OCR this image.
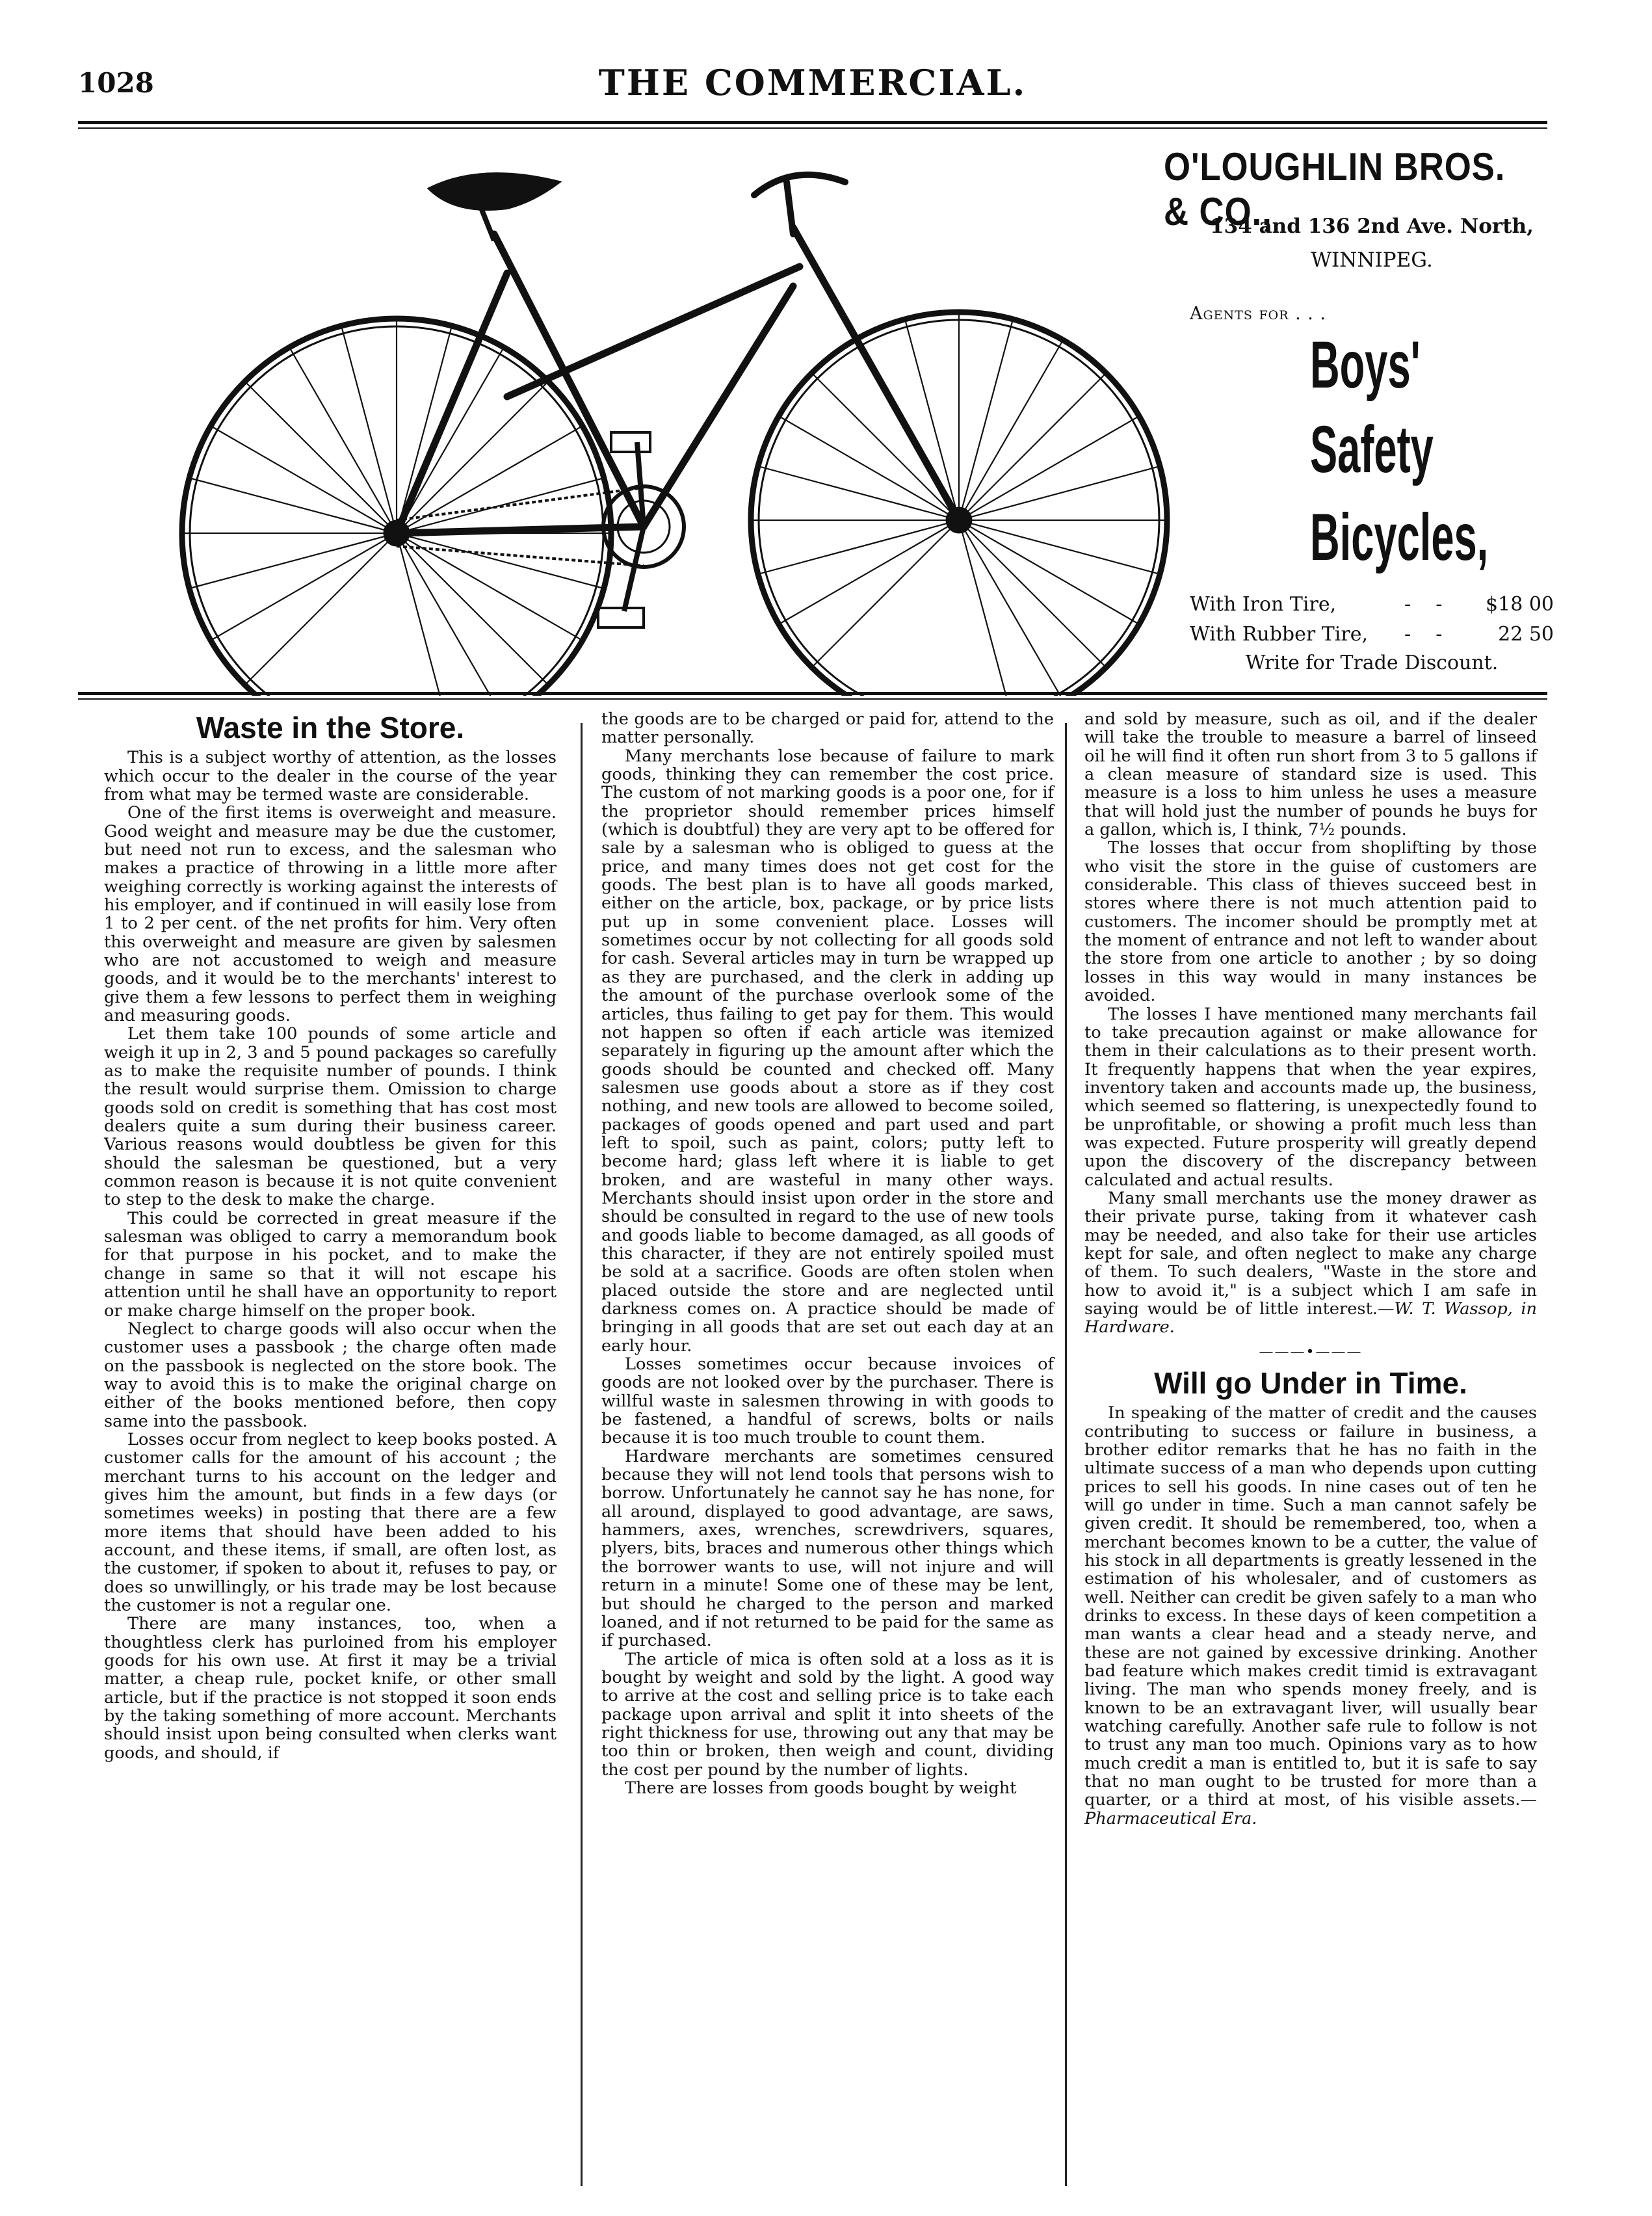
1028	THE COMMERCIAL.
O'LOUGHLIN BROS. & CO.,
134 and 136 2nd Ave. North,
WINNIPEG.
Agents for . . .
Boys'
Safety
Bicycles,
With Iron Tire,	-    - $18 00
With Rubber Tire, -    -	22 50
Write for Trade Discount.
Waste in the Store.

This is a subject worthy of attention, as the losses which occur to the dealer in the course of the year from what may be termed waste are considerable.

One of the first items is overweight and measure. Good weight and measure may be due the customer, but need not run to excess, and the salesman who makes a practice of throwing in a little more after weighing correctly is working against the interests of his employer, and if continued in will easily lose from 1 to 2 per cent. of the net profits for him. Very often this overweight and measure are given by salesmen who are not accustomed to weigh and measure goods, and it would be to the merchants' interest to give them a few lessons to perfect them in weighing and measuring goods.

Let them take 100 pounds of some article and weigh it up in 2, 3 and 5 pound packages so carefully as to make the requisite number of pounds. I think the result would surprise them. Omission to charge goods sold on credit is something that has cost most dealers quite a sum during their business career. Various reasons would doubtless be given for this should the salesman be questioned, but a very common reason is because it is not quite convenient to step to the desk to make the charge.

This could be corrected in great measure if the salesman was obliged to carry a memorandum book for that purpose in his pocket, and to make the change in same so that it will not escape his attention until he shall have an opportunity to report or make charge himself on the proper book.

Neglect to charge goods will also occur when the customer uses a passbook ; the charge often made on the passbook is neglected on the store book. The way to avoid this is to make the original charge on either of the books mentioned before, then copy same into the passbook.

Losses occur from neglect to keep books posted. A customer calls for the amount of his account ; the merchant turns to his account on the ledger and gives him the amount, but finds in a few days (or sometimes weeks) in posting that there are a few more items that should have been added to his account, and these items, if small, are often lost, as the customer, if spoken to about it, refuses to pay, or does so unwillingly, or his trade may be lost because the customer is not a regular one.

There are many instances, too, when a thoughtless clerk has purloined from his employer goods for his own use. At first it may be a trivial matter, a cheap rule, pocket knife, or other small article, but if the practice is not stopped it soon ends by the taking something of more account. Merchants should insist upon being consulted when clerks want goods, and should, if

the goods are to be charged or paid for, attend to the matter personally.

Many merchants lose because of failure to mark goods, thinking they can remember the cost price. The custom of not marking goods is a poor one, for if the proprietor should remember prices himself (which is doubtful) they are very apt to be offered for sale by a salesman who is obliged to guess at the price, and many times does not get cost for the goods. The best plan is to have all goods marked, either on the article, box, package, or by price lists put up in some convenient place. Losses will sometimes occur by not collecting for all goods sold for cash. Several articles may in turn be wrapped up as they are purchased, and the clerk in adding up the amount of the purchase overlook some of the articles, thus failing to get pay for them. This would not happen so often if each article was itemized separately in figuring up the amount after which the goods should be counted and checked off. Many salesmen use goods about a store as if they cost nothing, and new tools are allowed to become soiled, packages of goods opened and part used and part left to spoil, such as paint, colors; putty left to become hard; glass left where it is liable to get broken, and are wasteful in many other ways. Merchants should insist upon order in the store and should be consulted in regard to the use of new tools and goods liable to become damaged, as all goods of this character, if they are not entirely spoiled must be sold at a sacrifice. Goods are often stolen when placed outside the store and are neglected until darkness comes on. A practice should be made of bringing in all goods that are set out each day at an early hour.

Losses sometimes occur because invoices of goods are not looked over by the purchaser. There is willful waste in salesmen throwing in with goods to be fastened, a handful of screws, bolts or nails because it is too much trouble to count them.

Hardware merchants are sometimes censured because they will not lend tools that persons wish to borrow. Unfortunately he cannot say he has none, for all around, displayed to good advantage, are saws, hammers, axes, wrenches, screwdrivers, squares, plyers, bits, braces and numerous other things which the borrower wants to use, will not injure and will return in a minute! Some one of these may be lent, but should he charged to the person and marked loaned, and if not returned to be paid for the same as if purchased.

The article of mica is often sold at a loss as it is bought by weight and sold by the light. A good way to arrive at the cost and selling price is to take each package upon arrival and split it into sheets of the right thickness for use, throwing out any that may be too thin or broken, then weigh and count, dividing the cost per pound by the number of lights.

There are losses from goods bought by weight

and sold by measure, such as oil, and if the dealer will take the trouble to measure a barrel of linseed oil he will find it often run short from 3 to 5 gallons if a clean measure of standard size is used. This measure is a loss to him unless he uses a measure that will hold just the number of pounds he buys for a gallon, which is, I think, 7½ pounds.

The losses that occur from shoplifting by those who visit the store in the guise of customers are considerable. This class of thieves succeed best in stores where there is not much attention paid to customers. The incomer should be promptly met at the moment of entrance and not left to wander about the store from one article to another ; by so doing losses in this way would in many instances be avoided.

The losses I have mentioned many merchants fail to take precaution against or make allowance for them in their calculations as to their present worth. It frequently happens that when the year expires, inventory taken and accounts made up, the business, which seemed so flattering, is unexpectedly found to be unprofitable, or showing a profit much less than was expected. Future prosperity will greatly depend upon the discovery of the discrepancy between calculated and actual results.

Many small merchants use the money drawer as their private purse, taking from it whatever cash may be needed, and also take for their use articles kept for sale, and often neglect to make any charge of them. To such dealers, "Waste in the store and how to avoid it," is a subject which I am safe in saying would be of little interest.—W. T. Wassop, in Hardware.

———•———
Will go Under in Time.

In speaking of the matter of credit and the causes contributing to success or failure in business, a brother editor remarks that he has no faith in the ultimate success of a man who depends upon cutting prices to sell his goods. In nine cases out of ten he will go under in time. Such a man cannot safely be given credit. It should be remembered, too, when a merchant becomes known to be a cutter, the value of his stock in all departments is greatly lessened in the estimation of his wholesaler, and of customers as well. Neither can credit be given safely to a man who drinks to excess. In these days of keen competition a man wants a clear head and a steady nerve, and these are not gained by excessive drinking. Another bad feature which makes credit timid is extravagant living. The man who spends money freely, and is known to be an extravagant liver, will usually bear watching carefully. Another safe rule to follow is not to trust any man too much. Opinions vary as to how much credit a man is entitled to, but it is safe to say that no man ought to be trusted for more than a quarter, or a third at most, of his visible assets.—Pharmaceutical Era.
